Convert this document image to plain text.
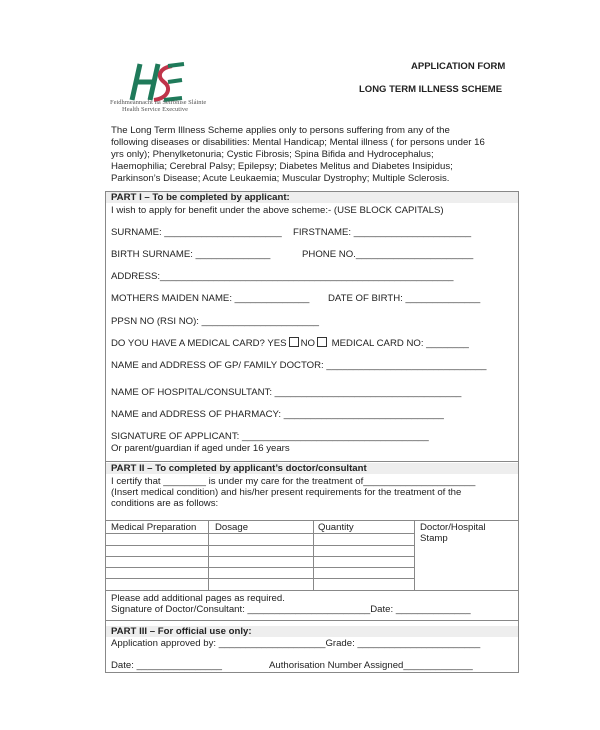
Feidhmeannacht na Seirbhíse Sláinte
Health Service Executive
APPLICATION FORM
LONG TERM ILLNESS SCHEME
The Long Term Illness Scheme applies only to persons suffering from any of the
following diseases or disabilities: Mental Handicap; Mental illness ( for persons under 16
yrs only); Phenylketonuria; Cystic Fibrosis; Spina Bifida and Hydrocephalus;
Haemophilia; Cerebral Palsy; Epilepsy; Diabetes Melitus and Diabetes Insipidus;
Parkinson’s Disease; Acute Leukaemia; Muscular Dystrophy; Multiple Sclerosis.
PART I – To be completed by applicant:
I wish to apply for benefit under the above scheme:- (USE BLOCK CAPITALS)
SURNAME: ______________________ FIRSTNAME: ______________________
BIRTH SURNAME: ______________	PHONE NO.______________________
ADDRESS:_______________________________________________________
MOTHERS MAIDEN NAME: ______________ DATE OF BIRTH: ______________
PPSN NO (RSI NO): ______________________
DO YOU HAVE A MEDICAL CARD? YES NO MEDICAL CARD NO: ________
NAME and ADDRESS OF GP/ FAMILY DOCTOR: ______________________________
NAME OF HOSPITAL/CONSULTANT: ___________________________________
NAME and ADDRESS OF PHARMACY: ______________________________
SIGNATURE OF APPLICANT: ___________________________________
Or parent/guardian if aged under 16 years
PART II – To completed by applicant’s doctor/consultant
I certify that ________ is under my care for the treatment of_____________________
(Insert medical condition) and his/her present requirements for the treatment of the
conditions are as follows:
Medical Preparation Dosage	Quantity	Doctor/Hospital Stamp
Please add additional pages as required.
Signature of Doctor/Consultant: _______________________Date: ______________
PART III – For official use only:
Application approved by: ____________________Grade: _______________________
Date: ________________	Authorisation Number Assigned_____________
